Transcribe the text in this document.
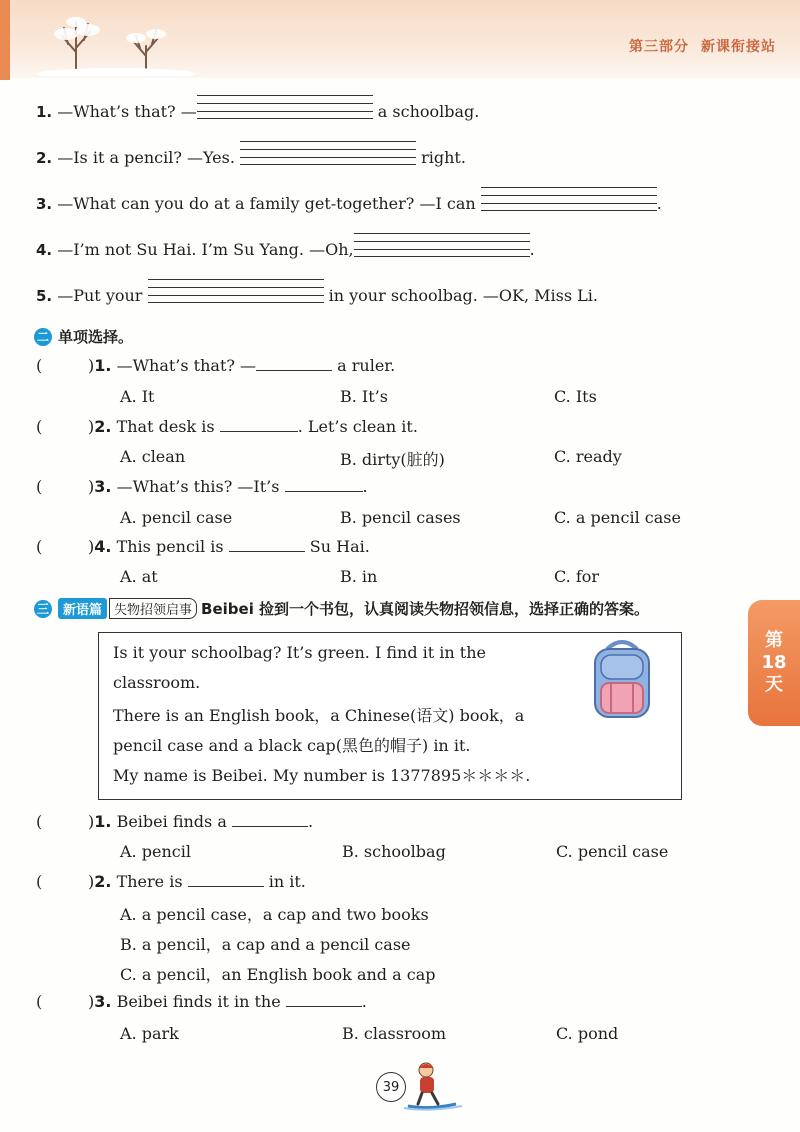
第三部分 新课衔接站
1. —What’s that? —	a schoolbag.
2. —Is it a pencil? —Yes.	right.
3. —What can you do at a family get-together? —I can	.
4. —I’m not Su Hai. I’m Su Yang. —Oh,	.
5. —Put your	in your schoolbag. —OK, Miss Li.
二 单项选择。
(	)1. —What’s that? —	a ruler.
A. It	B. It’s	C. Its
(	)2. That desk is	. Let’s clean it.
A. clean	B. dirty(脏的)	C. ready
(	)3. —What’s this? —It’s	.
A. pencil case	B. pencil cases	C. a pencil case
(	)4. This pencil is	Su Hai.
A. at	B. in	C. for
三	新语篇 失物招领启事 Beibei 捡到一个书包，认真阅读失物招领信息，选择正确的答案。

Is it your schoolbag? It’s green. I find it in the

classroom.

There is an English book，a Chinese(语文) book，a

pencil case and a black cap(黑色的帽子) in it.

My name is Beibei. My number is 1377895＊＊＊＊.

(	)1. Beibei finds a	.
A. pencil	B. schoolbag	C. pencil case
(	)2. There is	in it.
A. a pencil case，a cap and two books
B. a pencil，a cap and a pencil case
C. a pencil，an English book and a cap
(	)3. Beibei finds it in the	.
A. park	B. classroom	C. pond
第
18
天
39
